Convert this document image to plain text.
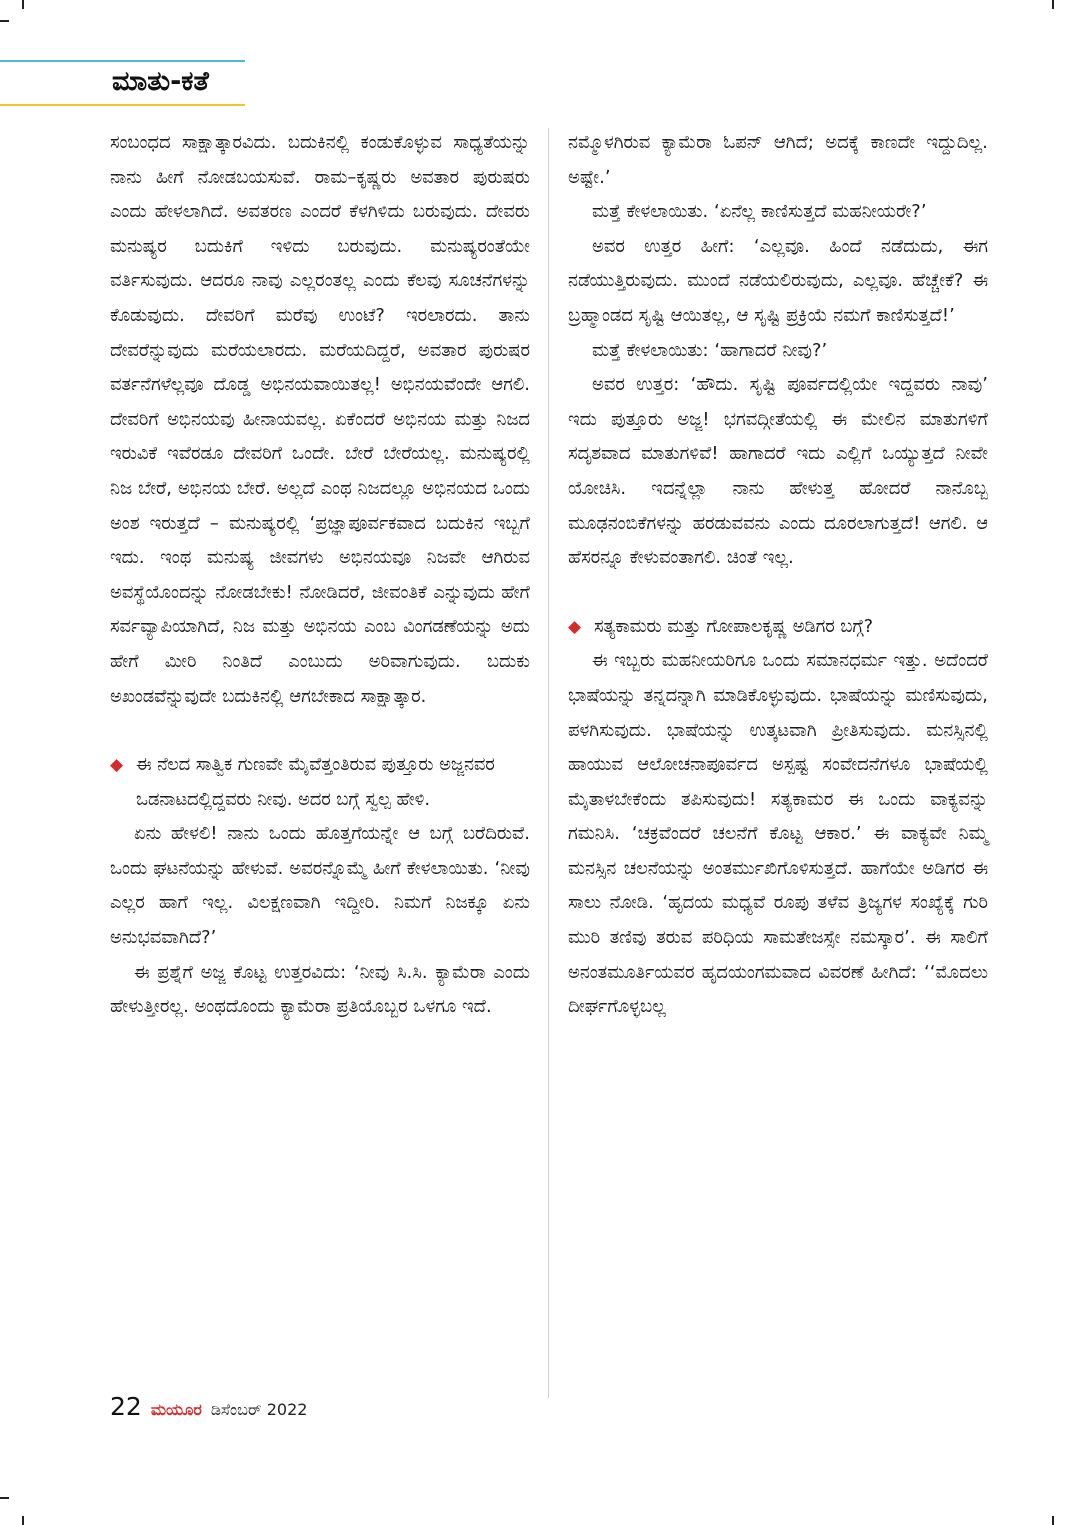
ಮಾತು-ಕತೆ

ಸಂಬಂಧದ ಸಾಕ್ಷಾತ್ಕಾರವಿದು. ಬದುಕಿನಲ್ಲಿ ಕಂಡುಕೊಳ್ಳುವ ಸಾಧ್ಯತೆಯನ್ನು ನಾನು ಹೀಗೆ ನೋಡಬಯಸುವೆ. ರಾಮ–ಕೃಷ್ಣರು ಅವತಾರ ಪುರುಷರು ಎಂದು ಹೇಳಲಾಗಿದೆ. ಅವತರಣ ಎಂದರೆ ಕೆಳಗಿಳಿದು ಬರುವುದು. ದೇವರು ಮನುಷ್ಯರ ಬದುಕಿಗೆ ಇಳಿದು ಬರುವುದು. ಮನುಷ್ಯರಂತೆಯೇ ವರ್ತಿಸುವುದು. ಆದರೂ ನಾವು ಎಲ್ಲರಂತಲ್ಲ ಎಂದು ಕೆಲವು ಸೂಚನೆಗಳನ್ನು ಕೊಡುವುದು. ದೇವರಿಗೆ ಮರೆವು ಉಂಟೆ? ಇರಲಾರದು. ತಾನು ದೇವರೆನ್ನುವುದು ಮರೆಯಲಾರದು. ಮರೆಯದಿದ್ದರೆ, ಅವತಾರ ಪುರುಷರ ವರ್ತನೆಗಳೆಲ್ಲವೂ ದೊಡ್ಡ ಅಭಿನಯವಾಯಿತಲ್ಲ! ಅಭಿನಯವೆಂದೇ ಆಗಲಿ. ದೇವರಿಗೆ ಅಭಿನಯವು ಹೀನಾಯವಲ್ಲ. ಏಕೆಂದರೆ ಅಭಿನಯ ಮತ್ತು ನಿಜದ ಇರುವಿಕೆ ಇವೆರಡೂ ದೇವರಿಗೆ ಒಂದೇ. ಬೇರೆ ಬೇರೆಯಲ್ಲ. ಮನುಷ್ಯರಲ್ಲಿ ನಿಜ ಬೇರೆ, ಅಭಿನಯ ಬೇರೆ. ಅಲ್ಲದೆ ಎಂಥ ನಿಜದಲ್ಲೂ ಅಭಿನಯದ ಒಂದು ಅಂಶ ಇರುತ್ತದೆ – ಮನುಷ್ಯರಲ್ಲಿ ‘ಪ್ರಜ್ಞಾಪೂರ್ವಕವಾದ ಬದುಕಿನ ಇಬ್ಬಗೆ ಇದು. ಇಂಥ ಮನುಷ್ಯ ಜೀವಗಳು ಅಭಿನಯವೂ ನಿಜವೇ ಆಗಿರುವ ಅವಸ್ಥೆಯೊಂದನ್ನು ನೋಡಬೇಕು! ನೋಡಿದರೆ, ಜೀವಂತಿಕೆ ಎನ್ನುವುದು ಹೇಗೆ ಸರ್ವವ್ಯಾಪಿಯಾಗಿದೆ, ನಿಜ ಮತ್ತು ಅಭಿನಯ ಎಂಬ ವಿಂಗಡಣೆಯನ್ನು ಅದು ಹೇಗೆ ಮೀರಿ ನಿಂತಿದೆ ಎಂಬುದು ಅರಿವಾಗುವುದು. ಬದುಕು ಅಖಂಡವೆನ್ನುವುದೇ ಬದುಕಿನಲ್ಲಿ ಆಗಬೇಕಾದ ಸಾಕ್ಷಾತ್ಕಾರ.

◆ ಈ ನೆಲದ ಸಾತ್ವಿಕ ಗುಣವೇ ಮೈವೆತ್ತಂತಿರುವ ಪುತ್ತೂರು ಅಜ್ಜನವರ ಒಡನಾಟದಲ್ಲಿದ್ದವರು ನೀವು. ಅದರ ಬಗ್ಗೆ ಸ್ವಲ್ಪ ಹೇಳಿ.

ಏನು ಹೇಳಲಿ! ನಾನು ಒಂದು ಹೊತ್ತಗೆಯನ್ನೇ ಆ ಬಗ್ಗೆ ಬರೆದಿರುವೆ. ಒಂದು ಘಟನೆಯನ್ನು ಹೇಳುವೆ. ಅವರನ್ನೊಮ್ಮೆ ಹೀಗೆ ಕೇಳಲಾಯಿತು. ‘ನೀವು ಎಲ್ಲರ ಹಾಗೆ ಇಲ್ಲ. ವಿಲಕ್ಷಣವಾಗಿ ಇದ್ದೀರಿ. ನಿಮಗೆ ನಿಜಕ್ಕೂ ಏನು ಅನುಭವವಾಗಿದೆ?’

ಈ ಪ್ರಶ್ನೆಗೆ ಅಜ್ಜ ಕೊಟ್ಟ ಉತ್ತರವಿದು: ‘ನೀವು ಸಿ.ಸಿ. ಕ್ಯಾಮೆರಾ ಎಂದು ಹೇಳುತ್ತೀರಲ್ಲ. ಅಂಥದೊಂದು ಕ್ಯಾಮೆರಾ ಪ್ರತಿಯೊಬ್ಬರ ಒಳಗೂ ಇದೆ.

ನಮ್ಮೊಳಗಿರುವ ಕ್ಯಾಮೆರಾ ಓಪನ್ ಆಗಿದೆ; ಅದಕ್ಕೆ ಕಾಣದೇ ಇದ್ದುದಿಲ್ಲ. ಅಷ್ಟೇ.’

ಮತ್ತೆ ಕೇಳಲಾಯಿತು. ‘ಏನೆಲ್ಲ ಕಾಣಿಸುತ್ತದೆ ಮಹನೀಯರೇ?’

ಅವರ ಉತ್ತರ ಹೀಗೆ: ‘ಎಲ್ಲವೂ. ಹಿಂದೆ ನಡೆದುದು, ಈಗ ನಡೆಯುತ್ತಿರುವುದು. ಮುಂದೆ ನಡೆಯಲಿರುವುದು, ಎಲ್ಲವೂ. ಹೆಚ್ಚೇಕೆ? ಈ ಬ್ರಹ್ಮಾಂಡದ ಸೃಷ್ಟಿ ಆಯಿತಲ್ಲ, ಆ ಸೃಷ್ಟಿ ಪ್ರಕ್ರಿಯೆ ನಮಗೆ ಕಾಣಿಸುತ್ತದೆ!’

ಮತ್ತೆ ಕೇಳಲಾಯಿತು: ‘ಹಾಗಾದರೆ ನೀವು?’

ಅವರ ಉತ್ತರ: ‘ಹೌದು. ಸೃಷ್ಟಿ ಪೂರ್ವದಲ್ಲಿಯೇ ಇದ್ದವರು ನಾವು’ ಇದು ಪುತ್ತೂರು ಅಜ್ಜ! ಭಗವದ್ಗೀತೆಯಲ್ಲಿ ಈ ಮೇಲಿನ ಮಾತುಗಳಿಗೆ ಸದೃಶವಾದ ಮಾತುಗಳಿವೆ! ಹಾಗಾದರೆ ಇದು ಎಲ್ಲಿಗೆ ಒಯ್ಯುತ್ತದೆ ನೀವೇ ಯೋಚಿಸಿ. ಇದನ್ನೆಲ್ಲಾ ನಾನು ಹೇಳುತ್ತ ಹೋದರೆ ನಾನೊಬ್ಬ ಮೂಢನಂಬಿಕೆಗಳನ್ನು ಹರಡುವವನು ಎಂದು ದೂರಲಾಗುತ್ತದೆ! ಆಗಲಿ. ಆ ಹೆಸರನ್ನೂ ಕೇಳುವಂತಾಗಲಿ. ಚಿಂತೆ ಇಲ್ಲ.

◆ ಸತ್ಯಕಾಮರು ಮತ್ತು ಗೋಪಾಲಕೃಷ್ಣ ಅಡಿಗರ ಬಗ್ಗೆ?

ಈ ಇಬ್ಬರು ಮಹನೀಯರಿಗೂ ಒಂದು ಸಮಾನಧರ್ಮ ಇತ್ತು. ಅದೆಂದರೆ ಭಾಷೆಯನ್ನು ತನ್ನದನ್ನಾಗಿ ಮಾಡಿಕೊಳ್ಳುವುದು. ಭಾಷೆಯನ್ನು ಮಣಿಸುವುದು, ಪಳಗಿಸುವುದು. ಭಾಷೆಯನ್ನು ಉತ್ಕಟವಾಗಿ ಪ್ರೀತಿಸುವುದು. ಮನಸ್ಸಿನಲ್ಲಿ ಹಾಯುವ ಆಲೋಚನಾಪೂರ್ವದ ಅಸ್ಪಷ್ಟ ಸಂವೇದನೆಗಳೂ ಭಾಷೆಯಲ್ಲಿ ಮೈತಾಳಬೇಕೆಂದು ತಪಿಸುವುದು! ಸತ್ಯಕಾಮರ ಈ ಒಂದು ವಾಕ್ಯವನ್ನು ಗಮನಿಸಿ. ‘ಚಕ್ರವೆಂದರೆ ಚಲನೆಗೆ ಕೊಟ್ಟ ಆಕಾರ.’ ಈ ವಾಕ್ಯವೇ ನಿಮ್ಮ ಮನಸ್ಸಿನ ಚಲನೆಯನ್ನು ಅಂತರ್ಮುಖಿಗೊಳಿಸುತ್ತದೆ. ಹಾಗೆಯೇ ಅಡಿಗರ ಈ ಸಾಲು ನೋಡಿ. ‘ಹೃದಯ ಮಧ್ಯವೆ ರೂಪು ತಳೆವ ತ್ರಿಜ್ಯಗಳ ಸಂಖ್ಯೆಕ್ಕೆ ಗುರಿ ಮುರಿ ತಣಿವು ತರುವ ಪರಿಧಿಯ ಸಾಮತೇಜಸ್ಸೇ ನಮಸ್ಕಾರ’. ಈ ಸಾಲಿಗೆ ಅನಂತಮೂರ್ತಿಯವರ ಹೃದಯಂಗಮವಾದ ವಿವರಣೆ ಹೀಗಿದೆ: ‘‘ಮೊದಲು ದೀರ್ಘಗೊಳ್ಳಬಲ್ಲ

22 ಮಯೂರ ಡಿಸೆಂಬರ್ 2022
